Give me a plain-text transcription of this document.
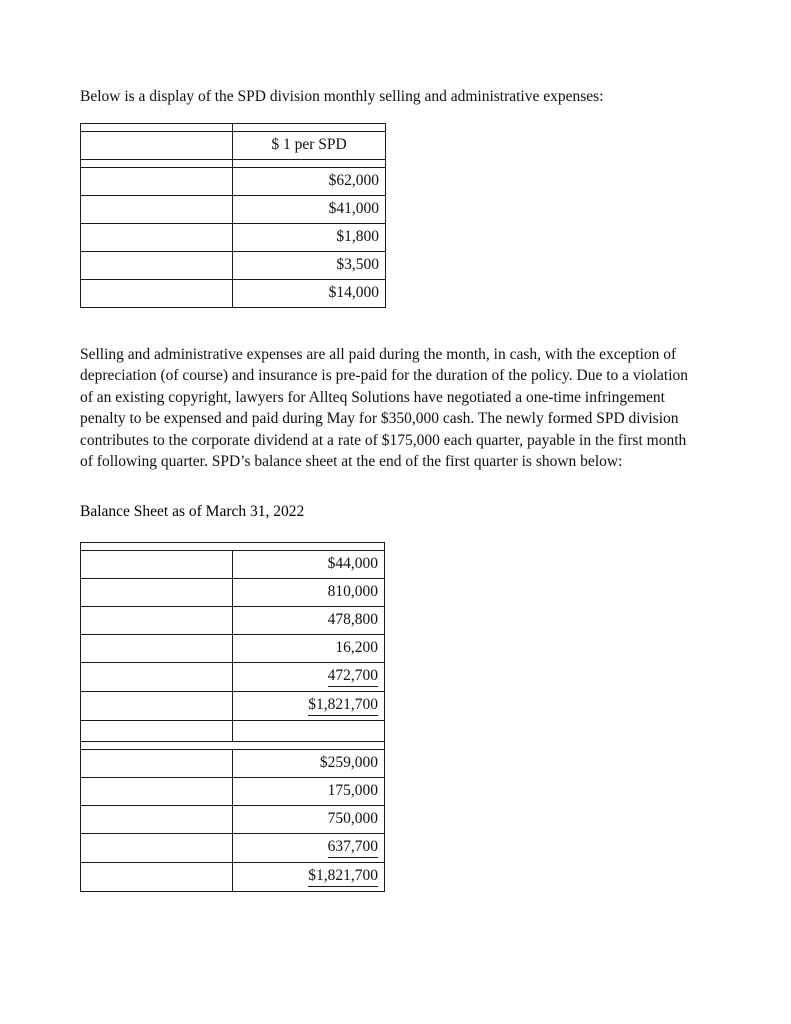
Below is a display of the SPD division monthly selling and administrative expenses:

	$ 1 per SPD

	$62,000
	$41,000
	$1,800
	$3,500
	$14,000

Selling and administrative expenses are all paid during the month, in cash, with the exception of depreciation (of course) and insurance is pre-paid for the duration of the policy. Due to a violation of an existing copyright, lawyers for Allteq Solutions have negotiated a one-time infringement penalty to be expensed and paid during May for $350,000 cash. The newly formed SPD division contributes to the corporate dividend at a rate of $175,000 each quarter, payable in the first month of following quarter. SPD’s balance sheet at the end of the first quarter is shown below:

Balance Sheet as of March 31, 2022

	$44,000
	810,000
	478,800
	16,200
	472,700
	$1,821,700

	$259,000
	175,000
	750,000
	637,700
	$1,821,700
